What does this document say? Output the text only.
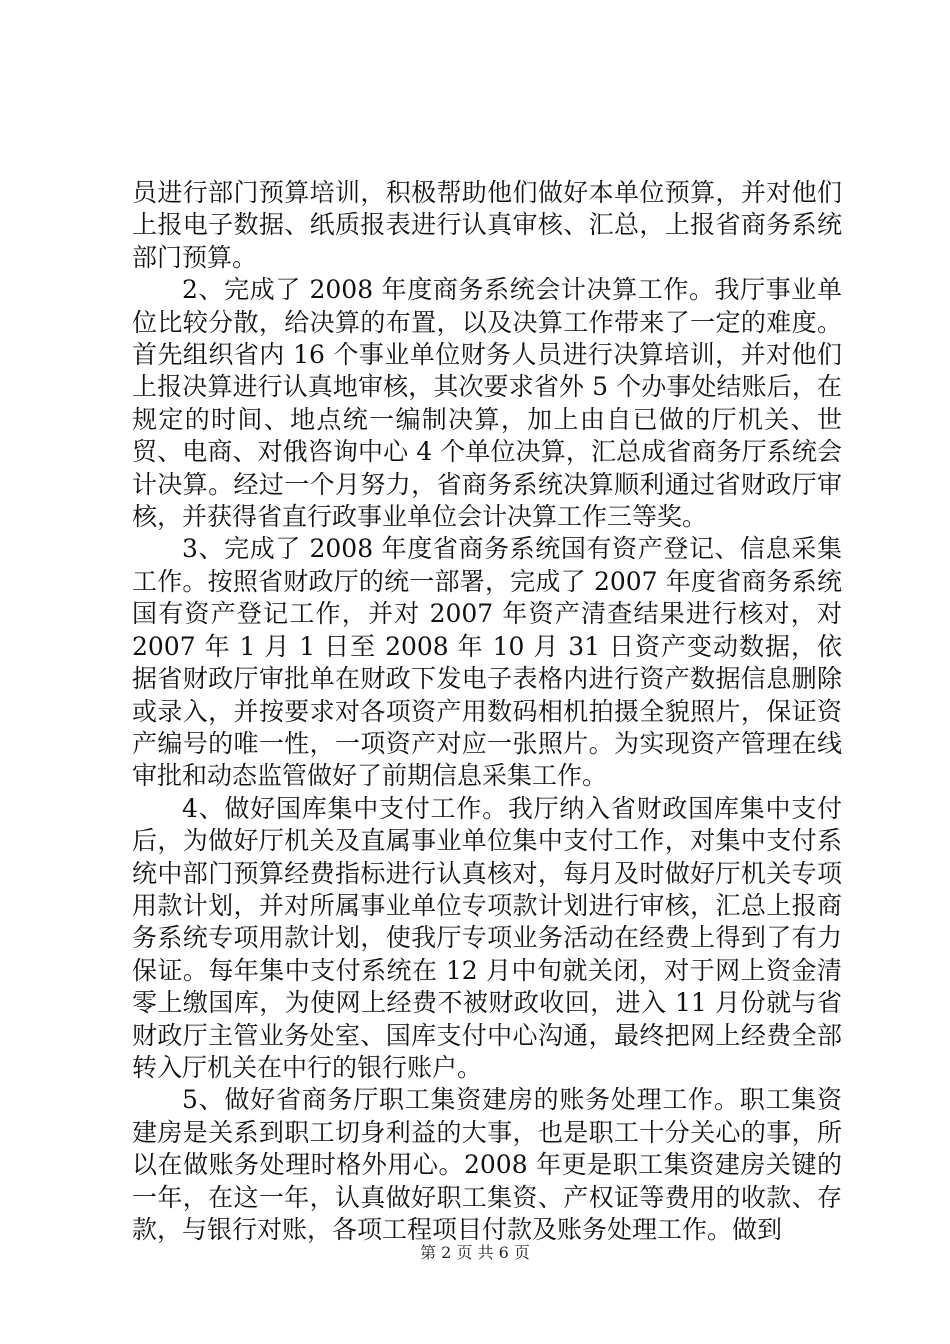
员进行部门预算培训，积极帮助他们做好本单位预算，并对他们上报电子数据、纸质报表进行认真审核、汇总，上报省商务系统部门预算。

2、完成了 2008 年度商务系统会计决算工作。我厅事业单位比较分散，给决算的布置，以及决算工作带来了一定的难度。首先组织省内 16 个事业单位财务人员进行决算培训，并对他们上报决算进行认真地审核，其次要求省外 5 个办事处结账后，在规定的时间、地点统一编制决算，加上由自已做的厅机关、世贸、电商、对俄咨询中心 4 个单位决算，汇总成省商务厅系统会计决算。经过一个月努力，省商务系统决算顺利通过省财政厅审核，并获得省直行政事业单位会计决算工作三等奖。

3、完成了 2008 年度省商务系统国有资产登记、信息采集工作。按照省财政厅的统一部署，完成了 2007 年度省商务系统国有资产登记工作，并对 2007 年资产清查结果进行核对，对 2007 年 1 月 1 日至 2008 年 10 月 31 日资产变动数据，依据省财政厅审批单在财政下发电子表格内进行资产数据信息删除或录入，并按要求对各项资产用数码相机拍摄全貌照片，保证资产编号的唯一性，一项资产对应一张照片。为实现资产管理在线审批和动态监管做好了前期信息采集工作。

4、做好国库集中支付工作。我厅纳入省财政国库集中支付后，为做好厅机关及直属事业单位集中支付工作，对集中支付系统中部门预算经费指标进行认真核对，每月及时做好厅机关专项用款计划，并对所属事业单位专项款计划进行审核，汇总上报商务系统专项用款计划，使我厅专项业务活动在经费上得到了有力保证。每年集中支付系统在 12 月中旬就关闭，对于网上资金清零上缴国库，为使网上经费不被财政收回，进入 11 月份就与省财政厅主管业务处室、国库支付中心沟通，最终把网上经费全部转入厅机关在中行的银行账户。

5、做好省商务厅职工集资建房的账务处理工作。职工集资建房是关系到职工切身利益的大事，也是职工十分关心的事，所以在做账务处理时格外用心。2008 年更是职工集资建房关键的一年，在这一年，认真做好职工集资、产权证等费用的收款、存款，与银行对账，各项工程项目付款及账务处理工作。做到

第 2 页 共 6 页
